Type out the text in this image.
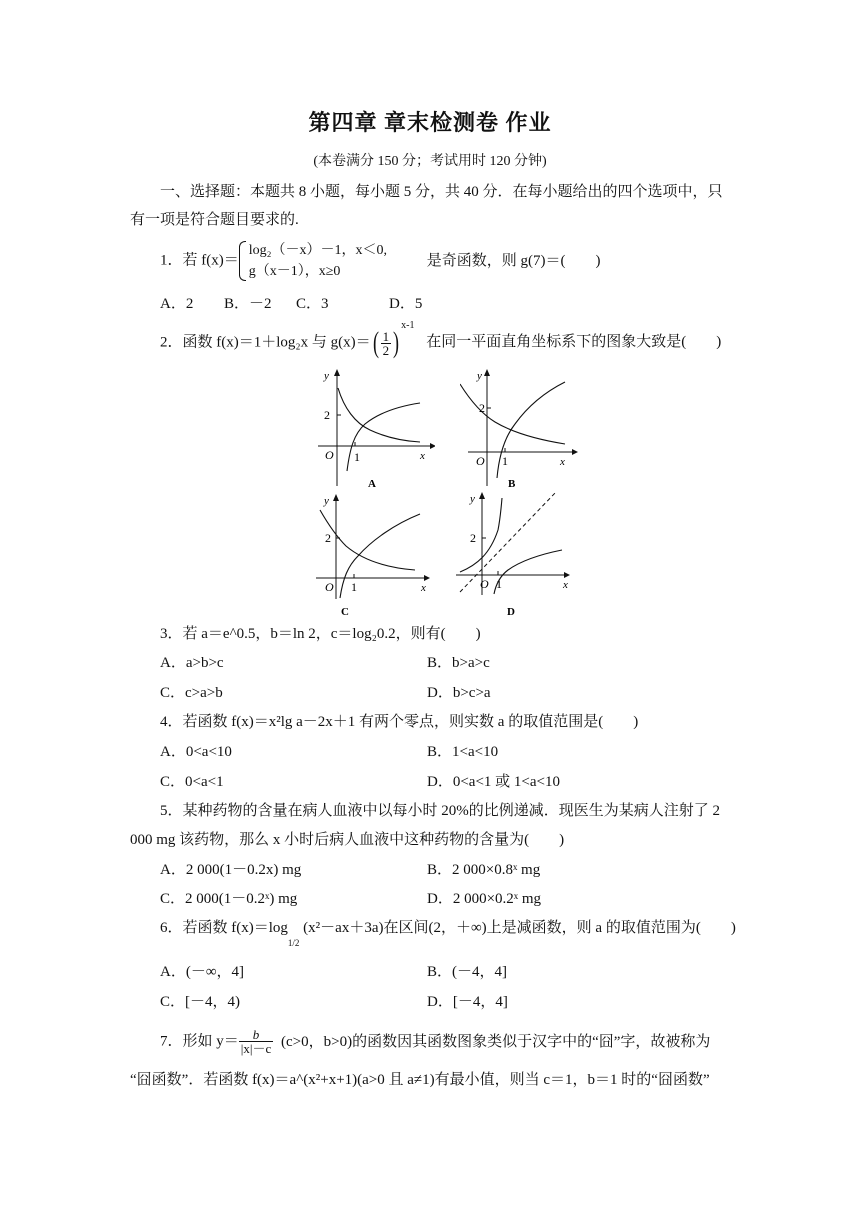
第四章 章末检测卷 作业
(本卷满分 150 分；考试用时 120 分钟)
一、选择题：本题共 8 小题，每小题 5 分，共 40 分．在每小题给出的四个选项中，只
有一项是符合题目要求的.
1．若 f(x)＝
log₂（－x）－1，x＜0,
g（x－1），x≥0
是奇函数，则 g(7)＝(　　)
A．2 B．－2 C．3	D．5
2．函数 f(x)＝1＋log₂x 与 $g(x)=( \frac{1}{2} )^{x-1}$ 在同一平面直角坐标系下的图象大致是(　　)
y
2
O 1	x
A
y
2
O 1	x
B
y
2
O 1	x
C
y
2
O 1	x
D
3．若 a＝e^0.5，b＝ln 2，c＝log₂0.2，则有(　　)
A．a>b>c	B．b>a>c
C．c>a>b	D．b>c>a
4．若函数 f(x)＝x²lg a－2x＋1 有两个零点，则实数 a 的取值范围是(　　)
A．0<a<10	B．1<a<10
C．0<a<1	D．0<a<1 或 1<a<10
5．某种药物的含量在病人血液中以每小时 20%的比例递减．现医生为某病人注射了 2
000 mg 该药物，那么 x 小时后病人血液中这种药物的含量为(　　)
A．2 000(1－0.2x) mg	B．2 000×0.8ˣ mg
C．2 000(1－0.2ˣ) mg	D．2 000×0.2ˣ mg
6．若函数 $f(x)=\log_{1/2}$ (x²－ax＋3a)在区间(2，＋∞)上是减函数，则 a 的取值范围为(　　)
A．(－∞，4]	B．(－4，4]
C．[－4，4)	D．[－4，4]
7．形如 $y= \frac{b}{|x|-c} (c>0$，b>0)的函数因其函数图象类似于汉字中的“囧”字，故被称为
“囧函数”．若函数 f(x)＝a^(x²+x+1)(a>0 且 a≠1)有最小值，则当 c＝1，b＝1 时的“囧函数”
